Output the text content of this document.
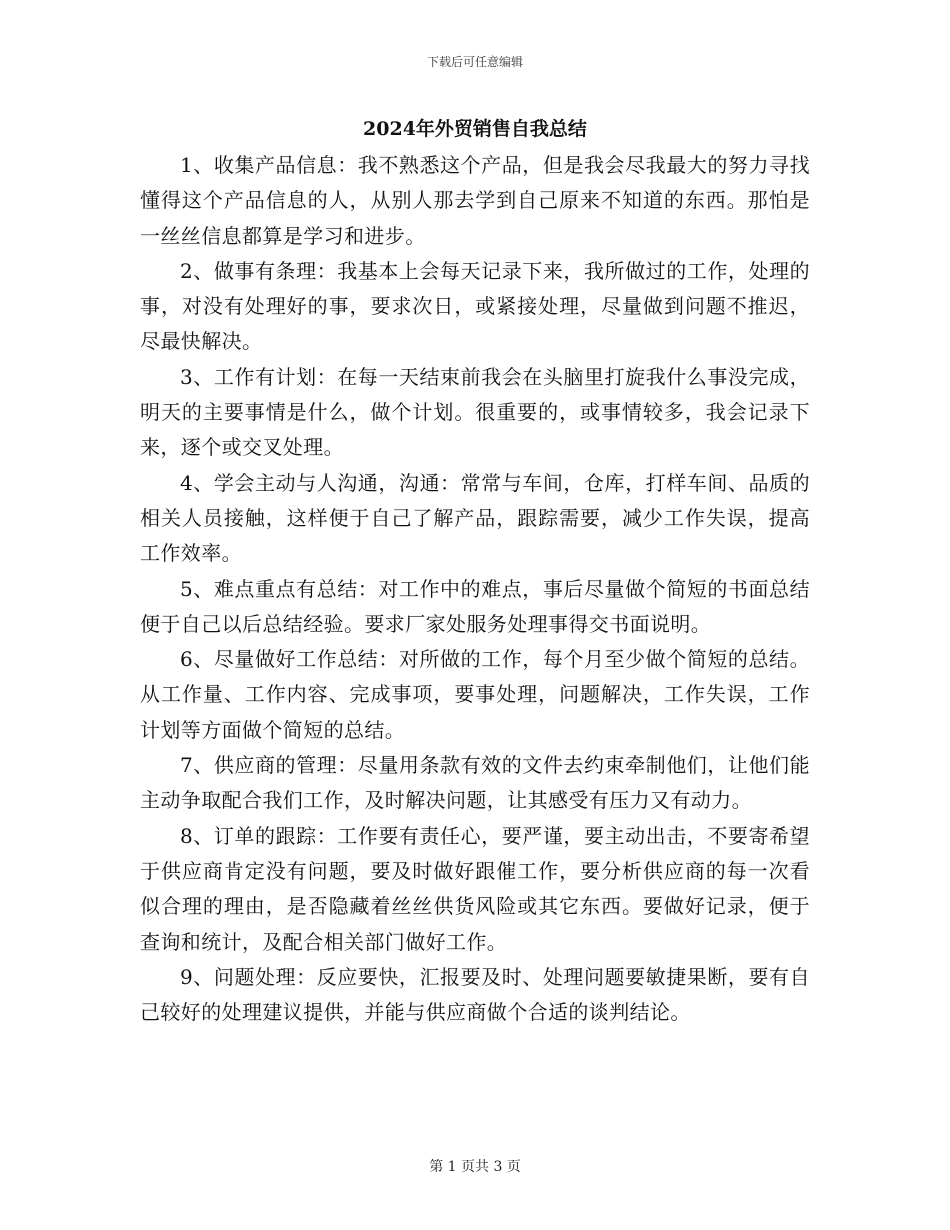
下载后可任意编辑
2024年外贸销售自我总结

1、收集产品信息：我不熟悉这个产品，但是我会尽我最大的努力寻找懂得这个产品信息的人，从别人那去学到自己原来不知道的东西。那怕是一丝丝信息都算是学习和进步。

2、做事有条理：我基本上会每天记录下来，我所做过的工作，处理的事，对没有处理好的事，要求次日，或紧接处理，尽量做到问题不推迟，尽最快解决。

3、工作有计划：在每一天结束前我会在头脑里打旋我什么事没完成，明天的主要事情是什么，做个计划。很重要的，或事情较多，我会记录下来，逐个或交叉处理。

4、学会主动与人沟通，沟通：常常与车间，仓库，打样车间、品质的相关人员接触，这样便于自己了解产品，跟踪需要，减少工作失误，提高工作效率。

5、难点重点有总结：对工作中的难点，事后尽量做个简短的书面总结便于自己以后总结经验。要求厂家处服务处理事得交书面说明。

6、尽量做好工作总结：对所做的工作，每个月至少做个简短的总结。从工作量、工作内容、完成事项，要事处理，问题解决，工作失误，工作计划等方面做个简短的总结。

7、供应商的管理：尽量用条款有效的文件去约束牵制他们，让他们能主动争取配合我们工作，及时解决问题，让其感受有压力又有动力。

8、订单的跟踪：工作要有责任心，要严谨，要主动出击，不要寄希望于供应商肯定没有问题，要及时做好跟催工作，要分析供应商的每一次看似合理的理由，是否隐藏着丝丝供货风险或其它东西。要做好记录，便于查询和统计，及配合相关部门做好工作。

9、问题处理：反应要快，汇报要及时、处理问题要敏捷果断，要有自己较好的处理建议提供，并能与供应商做个合适的谈判结论。

第 1 页共 3 页
